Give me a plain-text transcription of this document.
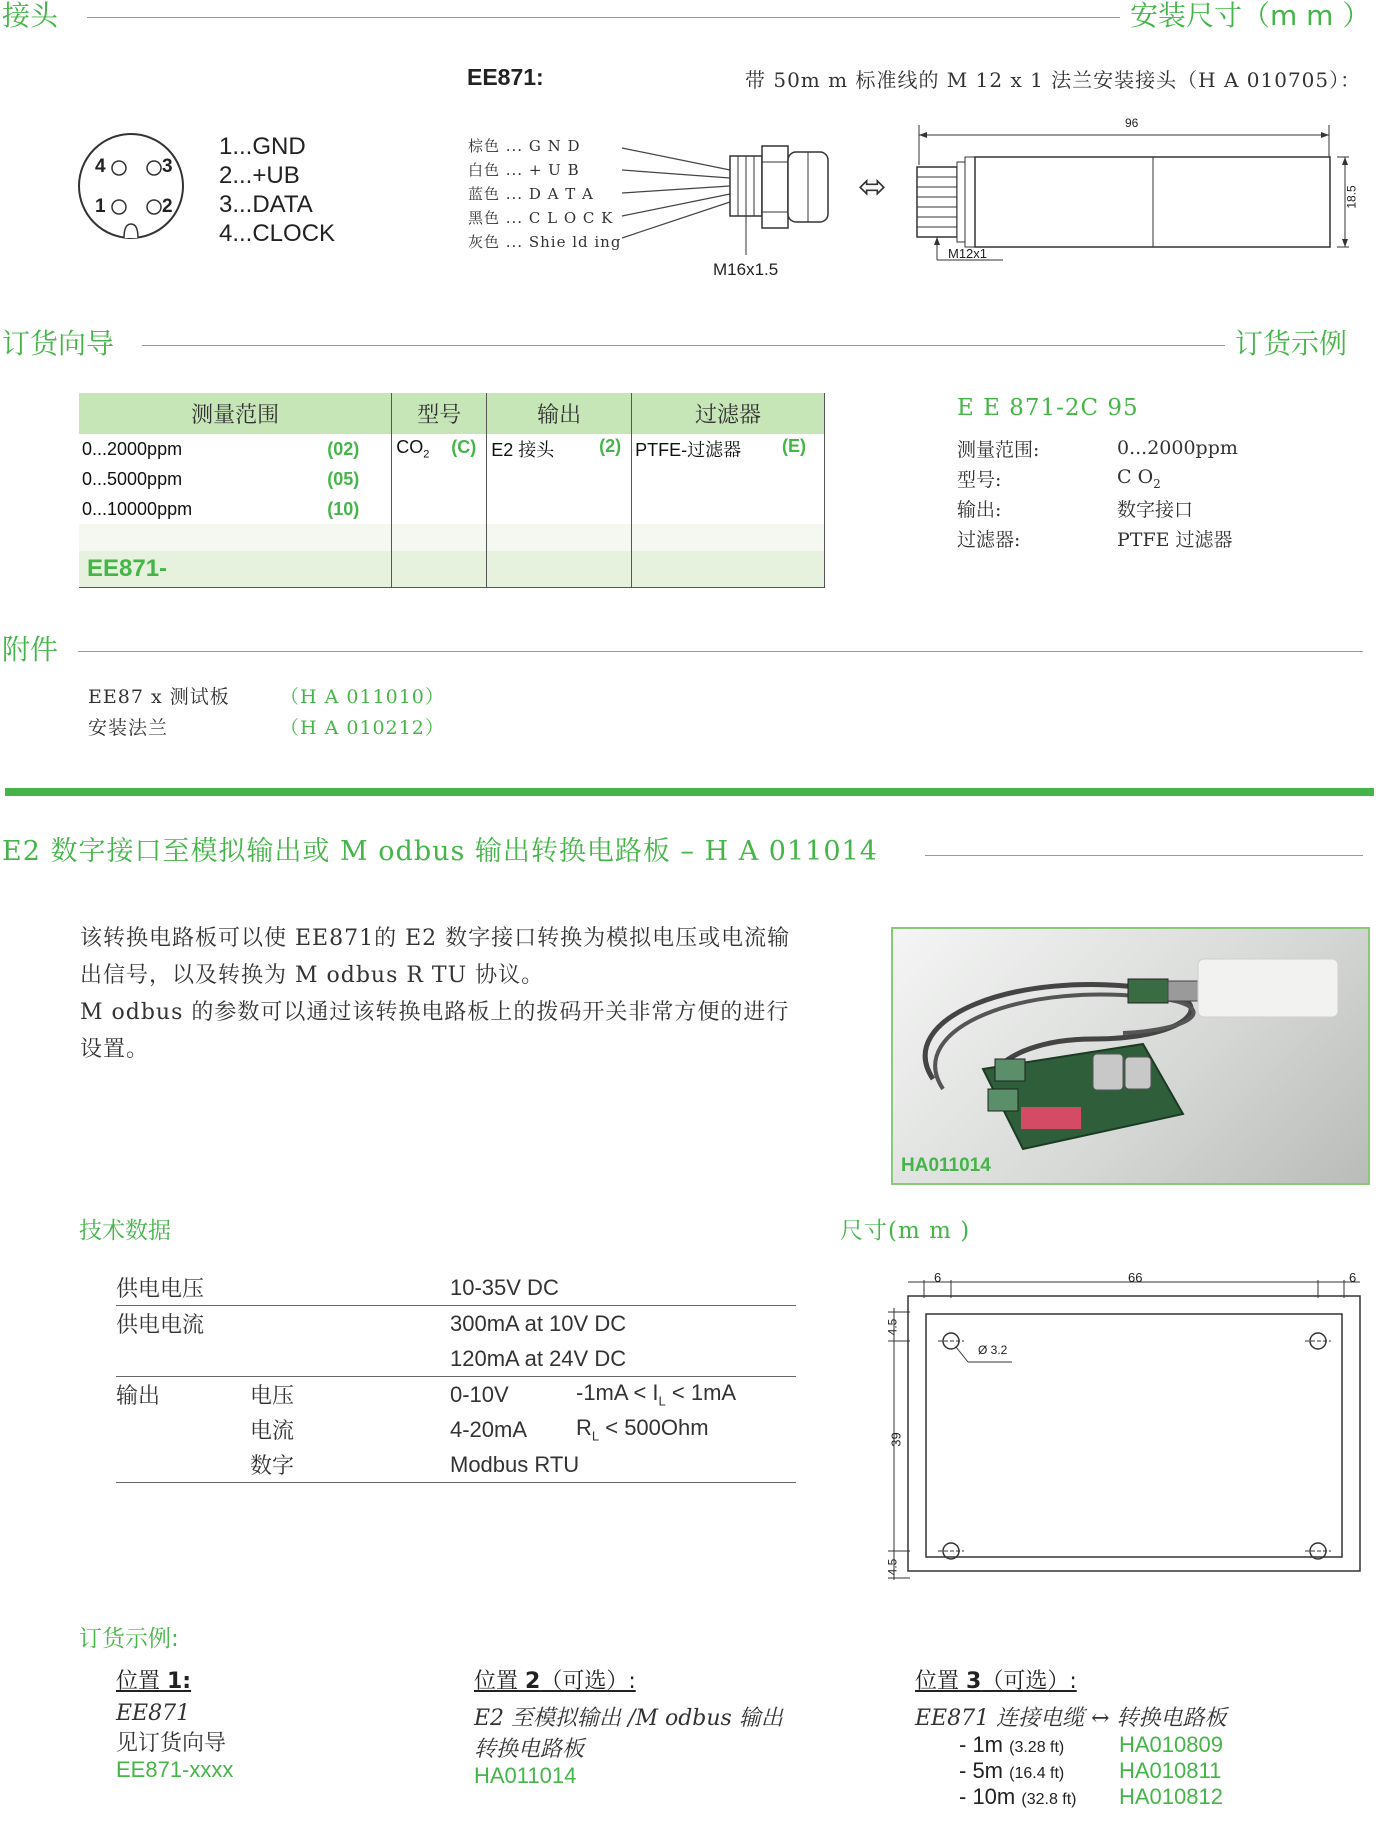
接头	安装尺寸（m m ）
4	3
1	2
1...GND
2...+UB
3...DATA
4...CLOCK
EE871:	带 50m m 标准线的 M 12 x 1 法兰安装接头（H A 010705）：
棕色 ... G N D
白色 ... + U B
蓝色 ... D A T A
黑色 ... C L O C K
灰色 ... Shie ld ing
M16x1.5
⬄
96
18.5
M12x1
订货向导	订货示例
测量范围	型号	输出	过滤器

0...2000ppm (02)	$CO_2$ (C)	E2 接头 (2)	PTFE-过滤器 (E)

0...5000ppm (05)			

0...10000ppm (10)			

EE871-			
E E 871-2C 95
测量范围:	0...2000ppm
型号:	C $O_2$
输出:	数字接口
过滤器:	PTFE 过滤器
附件
EE87 x 测试板	（H A 011010）
安装法兰	（H A 010212）
E2 数字接口至模拟输出或 M odbus 输出转换电路板 – H A 011014
该转换电路板可以使 EE871的 E2 数字接口转换为模拟电压或电流输
出信号，以及转换为 M odbus R TU 协议。
M odbus 的参数可以通过该转换电路板上的拨码开关非常方便的进行
设置。
HA011014
技术数据	尺寸(m m )
供电电压		10-35V DC	
供电电流		300mA at 10V DC	
		120mA at 24V DC	
输出	电压	0-10V	$-1mA < I_L < 1mA$
	电流	4-20mA	$R_L < 500Ohm$
	数字	Modbus RTU	
6	66	6
4.5
39
4.5
Ø 3.2
订货示例:
位置 1:
EE871
见订货向导
EE871-xxxx
位置 2（可选）:
E2 至模拟输出 /M odbus 输出
转换电路板
HA011014
位置 3（可选）:
EE871 连接电缆 ↔ 转换电路板
- 1m (3.28 ft)	HA010809
- 5m (16.4 ft)	HA010811
- 10m (32.8 ft)	HA010812
